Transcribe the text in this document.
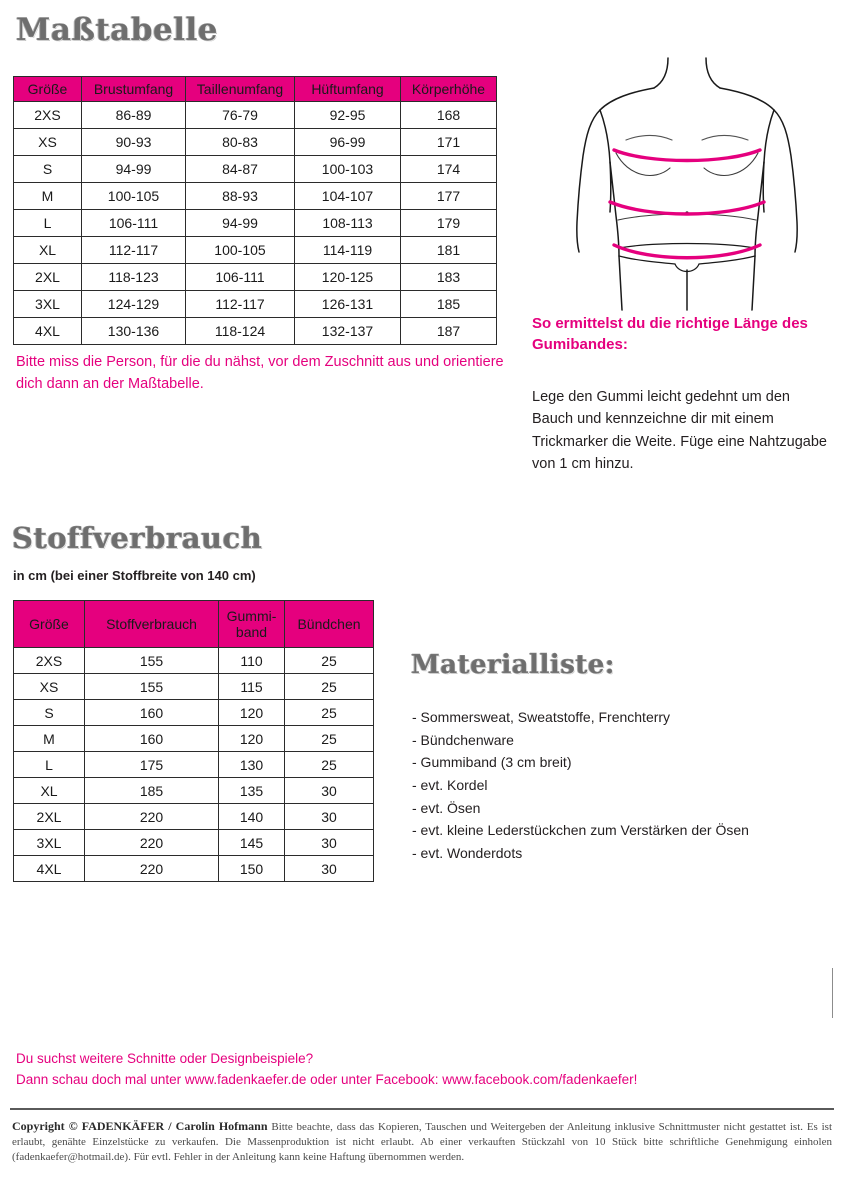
Maßtabelle
Größe	Brustumfang	Taillenumfang	Hüftumfang	Körperhöhe
2XS	86-89	76-79	92-95	168
XS	90-93	80-83	96-99	171
S	94-99	84-87	100-103	174
M	100-105	88-93	104-107	177
L	106-111	94-99	108-113	179
XL	112-117	100-105	114-119	181
2XL	118-123	106-111	120-125	183
3XL	124-129	112-117	126-131	185
4XL	130-136	118-124	132-137	187
Bitte miss die Person, für die du nähst, vor dem Zuschnitt aus und orientiere dich dann an der Maßtabelle.
So ermittelst du die richtige Länge des Gumibandes:
Lege den Gummi leicht gedehnt um den Bauch und kennzeichne dir mit einem Trickmarker die Weite. Füge eine Nahtzugabe von 1 cm hinzu.
Stoffverbrauch
in cm (bei einer Stoffbreite von 140 cm)
Größe	Stoffverbrauch	Gummi-band	Bündchen
2XS	155	110	25
XS	155	115	25
S	160	120	25
M	160	120	25
L	175	130	25
XL	185	135	30
2XL	220	140	30
3XL	220	145	30
4XL	220	150	30
Materialliste:
- Sommersweat, Sweatstoffe, Frenchterry
- Bündchenware
- Gummiband (3 cm breit)
- evt. Kordel
- evt. Ösen
- evt. kleine Lederstückchen zum Verstärken der Ösen
- evt. Wonderdots
Du suchst weitere Schnitte oder Designbeispiele?
Dann schau doch mal unter www.fadenkaefer.de oder unter Facebook: www.facebook.com/fadenkaefer!
Copyright © FADENKÄFER / Carolin Hofmann Bitte beachte, dass das Kopieren, Tauschen und Weitergeben der Anleitung inklusive Schnittmuster nicht gestattet ist. Es ist erlaubt, genähte Einzelstücke zu verkaufen. Die Massenproduktion ist nicht erlaubt. Ab einer verkauften Stückzahl von 10 Stück bitte schriftliche Genehmigung einholen (fadenkaefer@hotmail.de). Für evtl. Fehler in der Anleitung kann keine Haftung übernommen werden.
